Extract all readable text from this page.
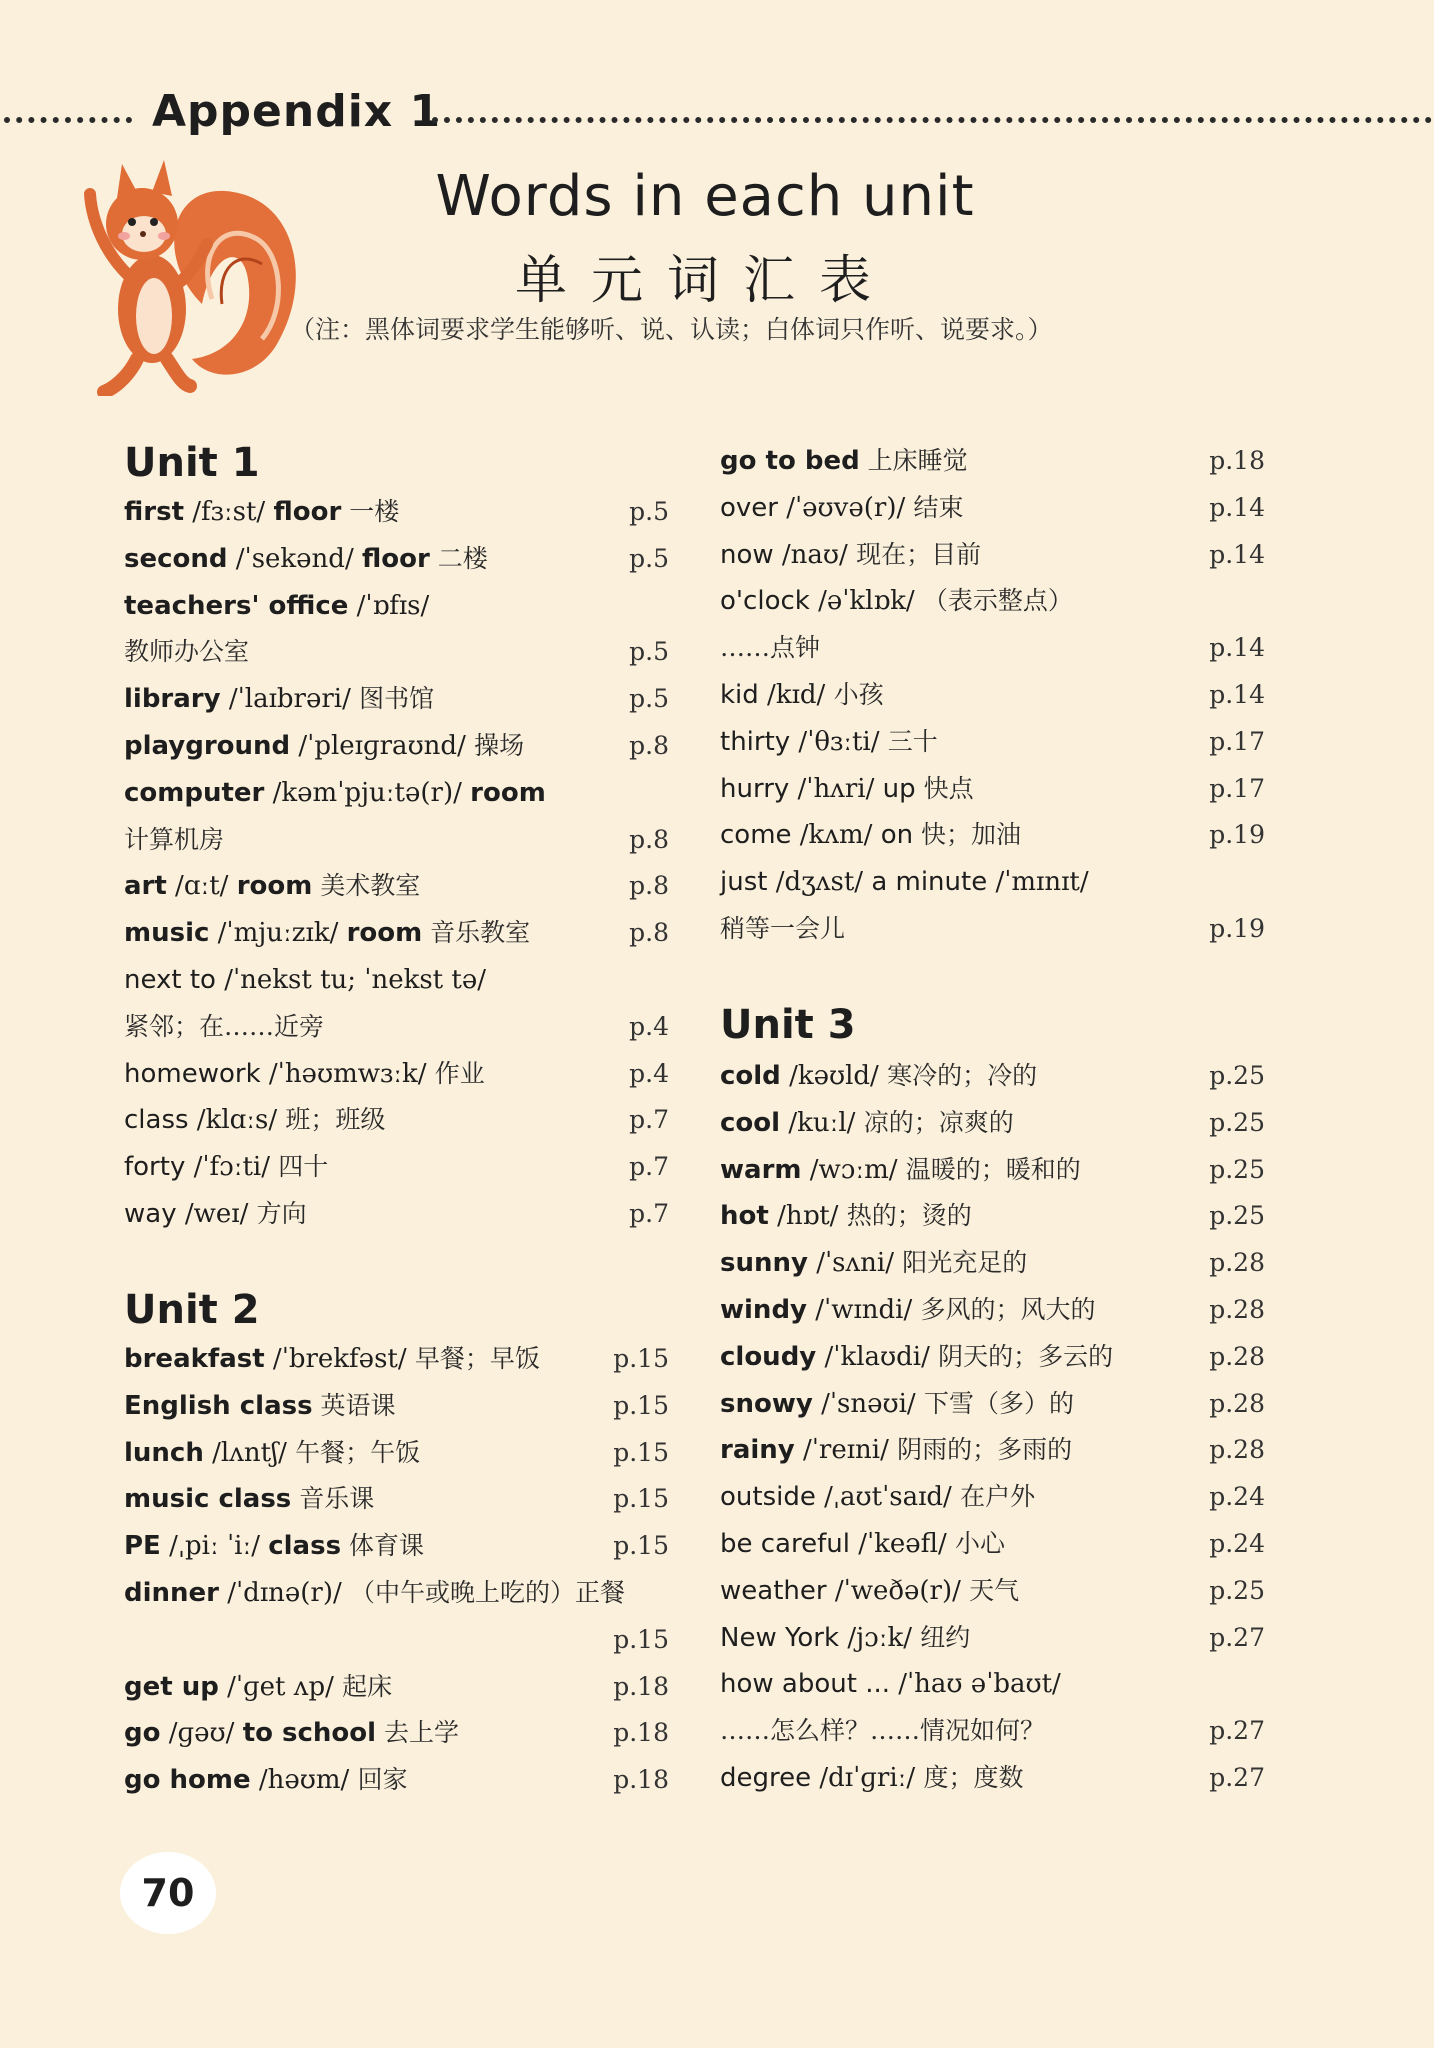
Appendix 1
Words in each unit
单元词汇表
（注：黑体词要求学生能够听、说、认读；白体词只作听、说要求。）
Unit 1
first /fɜːst/ floor 一楼	p.5
second /ˈsekənd/ floor 二楼	p.5
teachers' office /ˈɒfɪs/
教师办公室	p.5
library /ˈlaɪbrəri/ 图书馆	p.5
playground /ˈpleɪɡraʊnd/ 操场	p.8
computer /kəmˈpjuːtə(r)/ room
计算机房	p.8
art /ɑːt/ room 美术教室	p.8
music /ˈmjuːzɪk/ room 音乐教室	p.8
next to /ˈnekst tu; ˈnekst tə/
紧邻；在……近旁	p.4
homework /ˈhəʊmwɜːk/ 作业	p.4
class /klɑːs/ 班；班级	p.7
forty /ˈfɔːti/ 四十	p.7
way /weɪ/ 方向	p.7
Unit 2
breakfast /ˈbrekfəst/ 早餐；早饭	p.15
English class 英语课	p.15
lunch /lʌntʃ/ 午餐；午饭	p.15
music class 音乐课	p.15
PE /ˌpiː ˈiː/ class 体育课	p.15
dinner /ˈdɪnə(r)/ （中午或晚上吃的）正餐
p.15
get up /ˈɡet ʌp/ 起床	p.18
go /ɡəʊ/ to school 去上学	p.18
go home /həʊm/ 回家	p.18
go to bed 上床睡觉	p.18
over /ˈəʊvə(r)/ 结束	p.14
now /naʊ/ 现在；目前	p.14
o'clock /əˈklɒk/ （表示整点）
……点钟	p.14
kid /kɪd/ 小孩	p.14
thirty /ˈθɜːti/ 三十	p.17
hurry /ˈhʌri/ up 快点	p.17
come /kʌm/ on 快；加油	p.19
just /dʒʌst/ a minute /ˈmɪnɪt/
稍等一会儿	p.19
Unit 3
cold /kəʊld/ 寒冷的；冷的	p.25
cool /kuːl/ 凉的；凉爽的	p.25
warm /wɔːm/ 温暖的；暖和的	p.25
hot /hɒt/ 热的；烫的	p.25
sunny /ˈsʌni/ 阳光充足的	p.28
windy /ˈwɪndi/ 多风的；风大的	p.28
cloudy /ˈklaʊdi/ 阴天的；多云的	p.28
snowy /ˈsnəʊi/ 下雪（多）的	p.28
rainy /ˈreɪni/ 阴雨的；多雨的	p.28
outside /ˌaʊtˈsaɪd/ 在户外	p.24
be careful /ˈkeəfl/ 小心	p.24
weather /ˈweðə(r)/ 天气	p.25
New York /jɔːk/ 纽约	p.27
how about ... /ˈhaʊ əˈbaʊt/
……怎么样？……情况如何？	p.27
degree /dɪˈɡriː/ 度；度数	p.27
70
